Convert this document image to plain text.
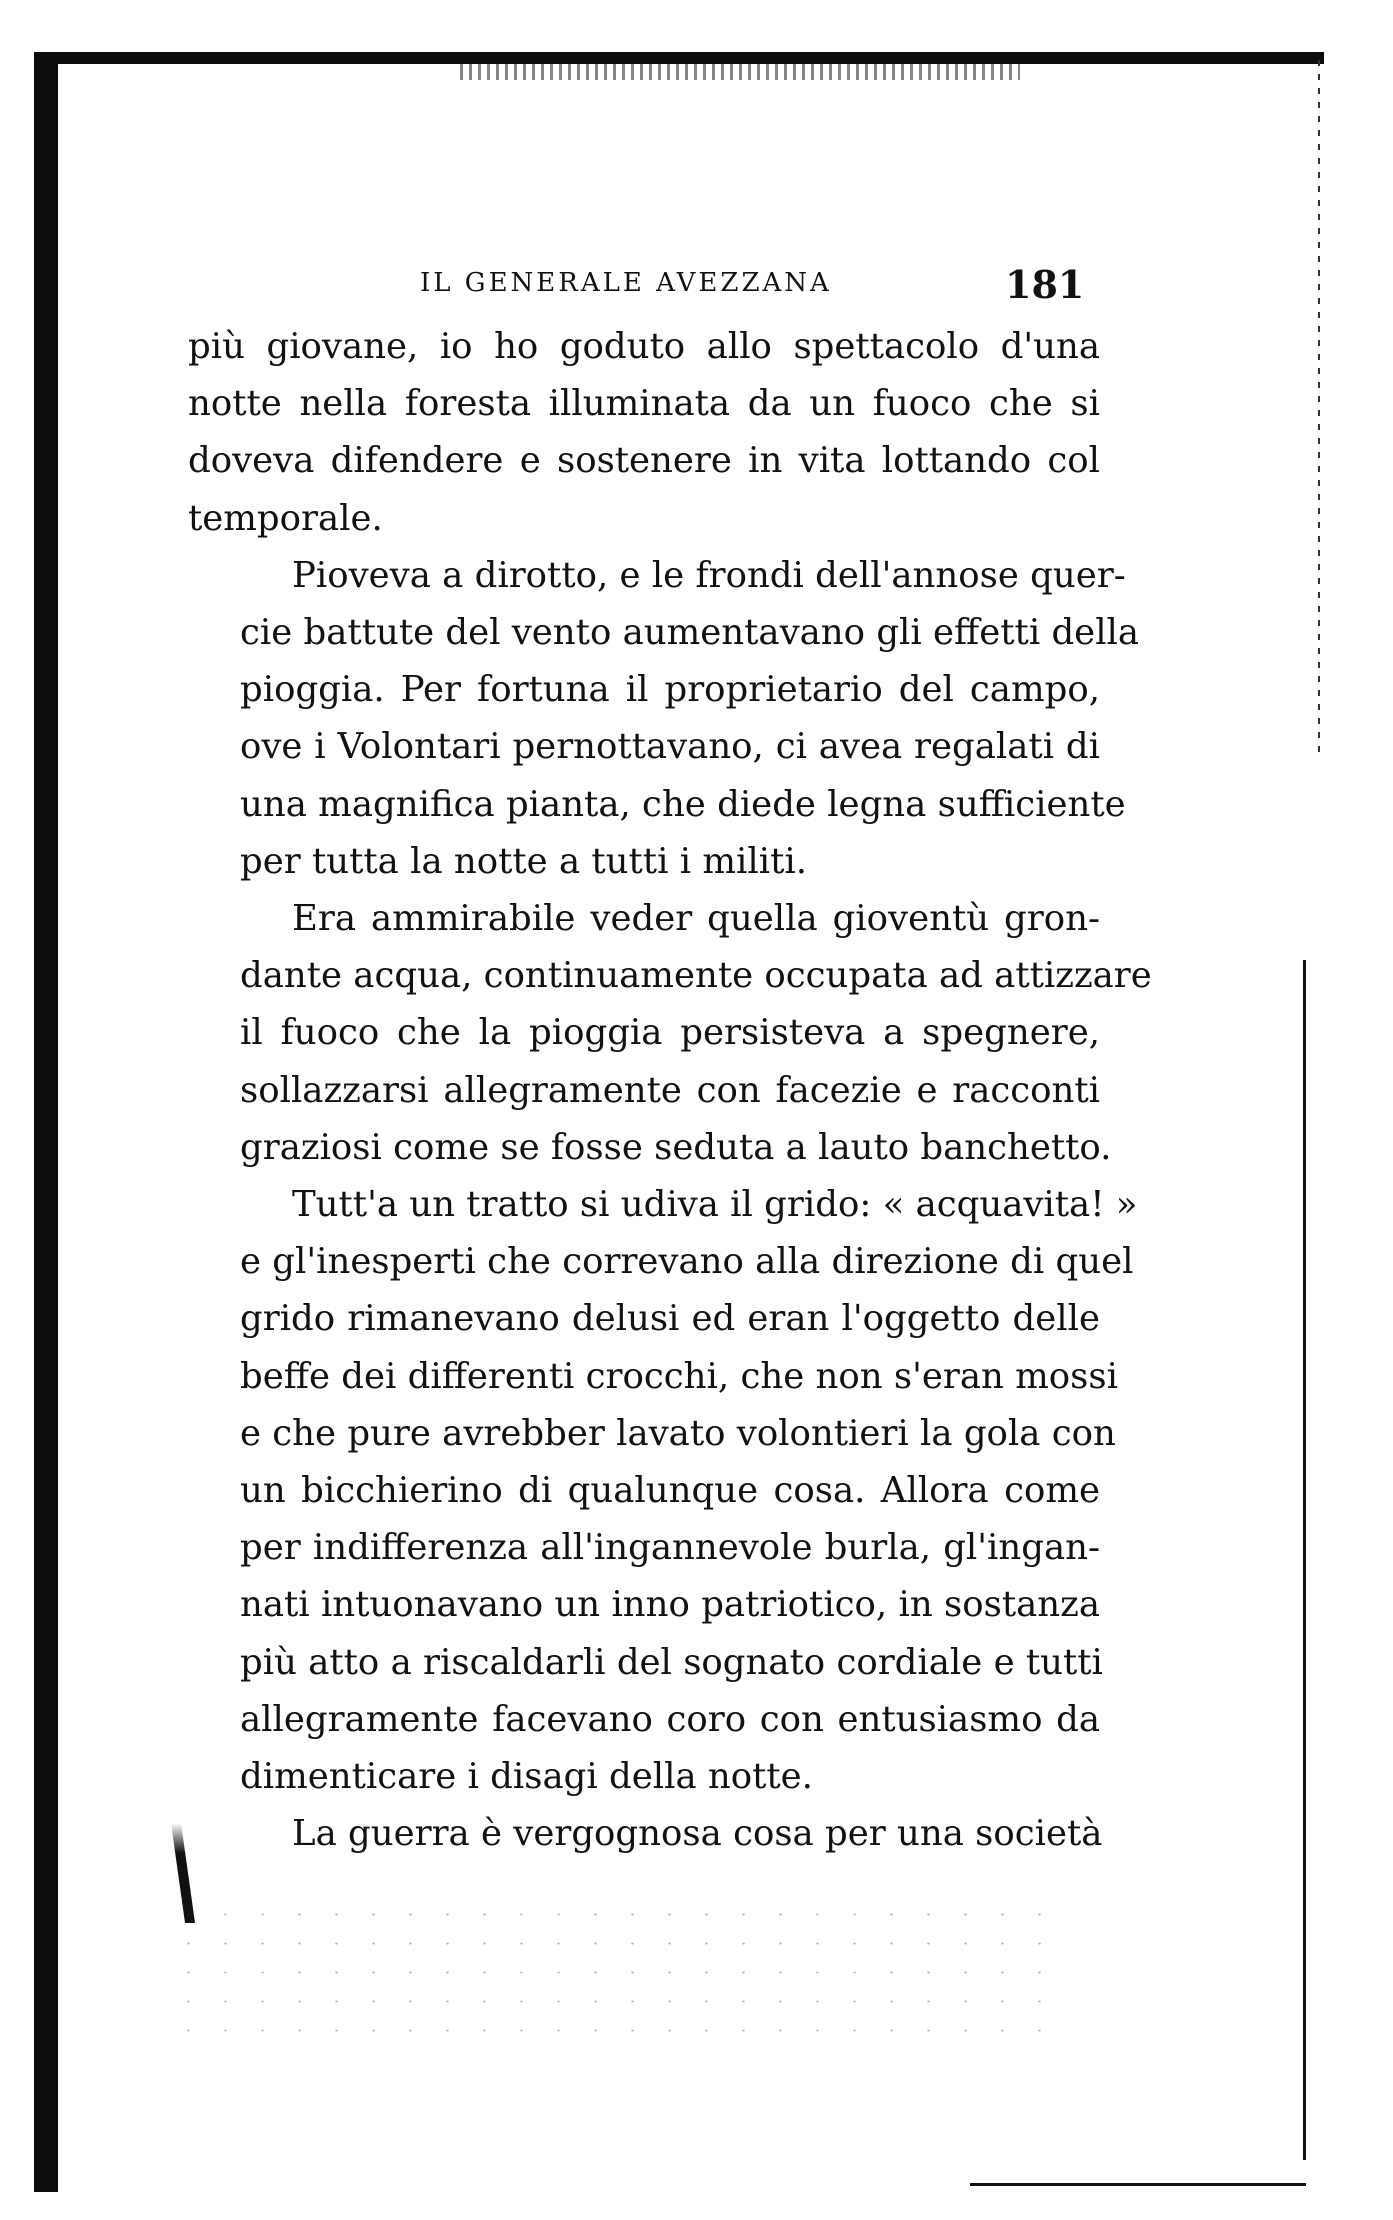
IL GENERALE AVEZZANA	181

più giovane, io ho goduto allo spettacolo d'una
notte nella foresta illuminata da un fuoco che si
doveva difendere e sostenere in vita lottando col
temporale.

Pioveva a dirotto, e le frondi dell'annose quer-
cie battute del vento aumentavano gli effetti della
pioggia. Per fortuna il proprietario del campo,
ove i Volontari pernottavano, ci avea regalati di
una magnifica pianta, che diede legna sufficiente
per tutta la notte a tutti i militi.

Era ammirabile veder quella gioventù gron-
dante acqua, continuamente occupata ad attizzare
il fuoco che la pioggia persisteva a spegnere,
sollazzarsi allegramente con facezie e racconti
graziosi come se fosse seduta a lauto banchetto.

Tutt'a un tratto si udiva il grido: « acquavita! »
e gl'inesperti che correvano alla direzione di quel
grido rimanevano delusi ed eran l'oggetto delle
beffe dei differenti crocchi, che non s'eran mossi
e che pure avrebber lavato volontieri la gola con
un bicchierino di qualunque cosa. Allora come
per indifferenza all'ingannevole burla, gl'ingan-
nati intuonavano un inno patriotico, in sostanza
più atto a riscaldarli del sognato cordiale e tutti
allegramente facevano coro con entusiasmo da
dimenticare i disagi della notte.

La guerra è vergognosa cosa per una società
